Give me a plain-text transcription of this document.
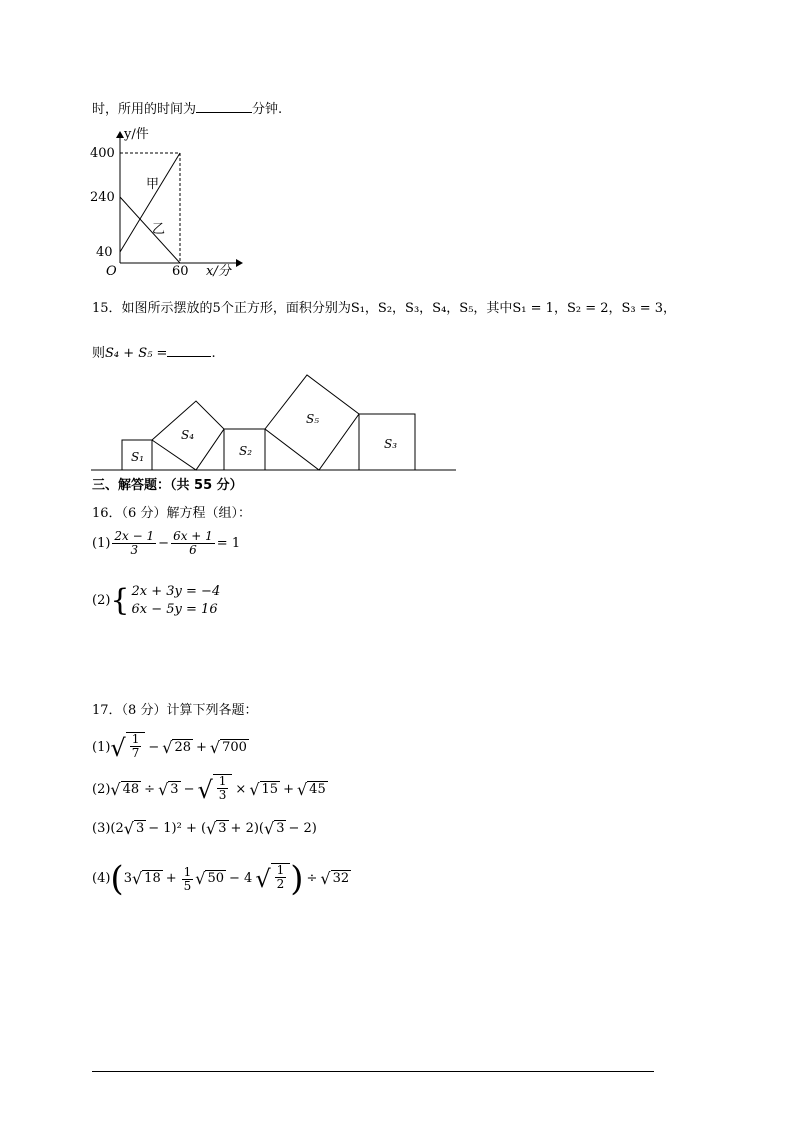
时，所用的时间为	分钟.
y/件
x/分
O
400
240
40
60
甲
乙
15．如图所示摆放的5个正方形，面积分别为S₁，S₂，S₃，S₄，S₅，其中S₁ = 1，S₂ = 2，S₃ = 3，
则S₄ + S₅ =	.
S₁
S₄
S₂
S₅
S₃
三、解答题：（共 55 分）
16．（6 分）解方程（组）：
$(1) \frac{2x - 1}{3} - \frac{6x + 1}{6} = 1$
(2) { 2x + 3y = −4
6x − 5y = 16
17．（8 分）计算下列各题：
(1) √ $\frac{1}{7}$ − √ 28 + √ 700
(2) √ 48 ÷ √ 3 − √ $\frac{1}{3}$ × √ 15 + √ 45
(3) (2 √ 3 − 1)² + ( √ 3 + 2)( √ 3 − 2)
(4) ( 3 √ $18 + \frac{1}{5}$ √ 50 − 4 √ $\frac{1}{2}$ ) ÷ √ 32
